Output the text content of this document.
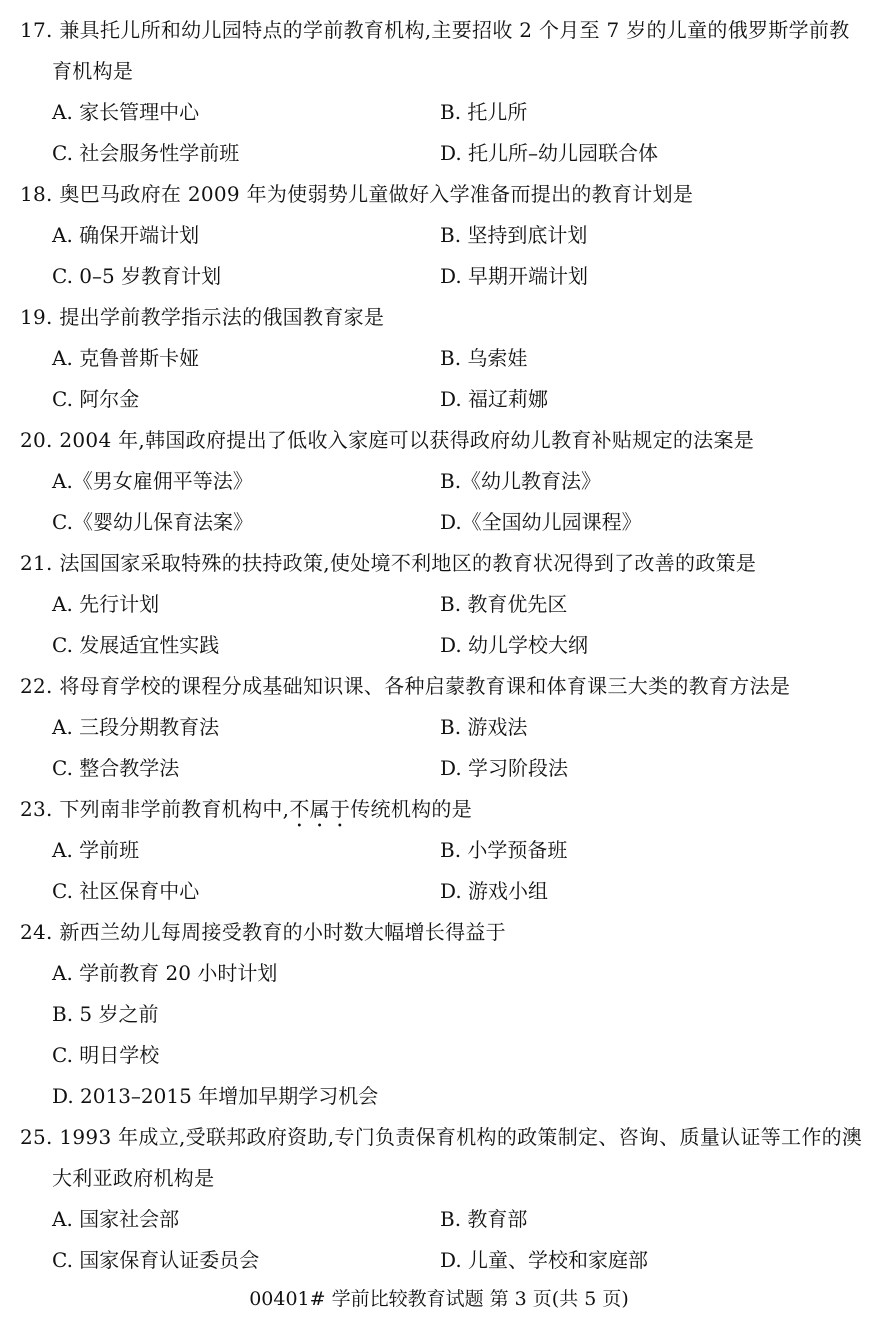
17. 兼具托儿所和幼儿园特点的学前教育机构,主要招收 2 个月至 7 岁的儿童的俄罗斯学前教
育机构是
A. 家长管理中心	B. 托儿所
C. 社会服务性学前班	D. 托儿所–幼儿园联合体
18. 奥巴马政府在 2009 年为使弱势儿童做好入学准备而提出的教育计划是
A. 确保开端计划	B. 坚持到底计划
C. 0–5 岁教育计划	D. 早期开端计划
19. 提出学前教学指示法的俄国教育家是
A. 克鲁普斯卡娅	B. 乌索娃
C. 阿尔金	D. 福辽莉娜
20. 2004 年,韩国政府提出了低收入家庭可以获得政府幼儿教育补贴规定的法案是
A.《男女雇佣平等法》	B.《幼儿教育法》
C.《婴幼儿保育法案》	D.《全国幼儿园课程》
21. 法国国家采取特殊的扶持政策,使处境不利地区的教育状况得到了改善的政策是
A. 先行计划	B. 教育优先区
C. 发展适宜性实践	D. 幼儿学校大纲
22. 将母育学校的课程分成基础知识课、各种启蒙教育课和体育课三大类的教育方法是
A. 三段分期教育法	B. 游戏法
C. 整合教学法	D. 学习阶段法
23. 下列南非学前教育机构中,不属于传统机构的是
A. 学前班	B. 小学预备班
C. 社区保育中心	D. 游戏小组
24. 新西兰幼儿每周接受教育的小时数大幅增长得益于
A. 学前教育 20 小时计划
B. 5 岁之前
C. 明日学校
D. 2013–2015 年增加早期学习机会
25. 1993 年成立,受联邦政府资助,专门负责保育机构的政策制定、咨询、质量认证等工作的澳
大利亚政府机构是
A. 国家社会部	B. 教育部
C. 国家保育认证委员会	D. 儿童、学校和家庭部
00401# 学前比较教育试题 第 3 页(共 5 页)
